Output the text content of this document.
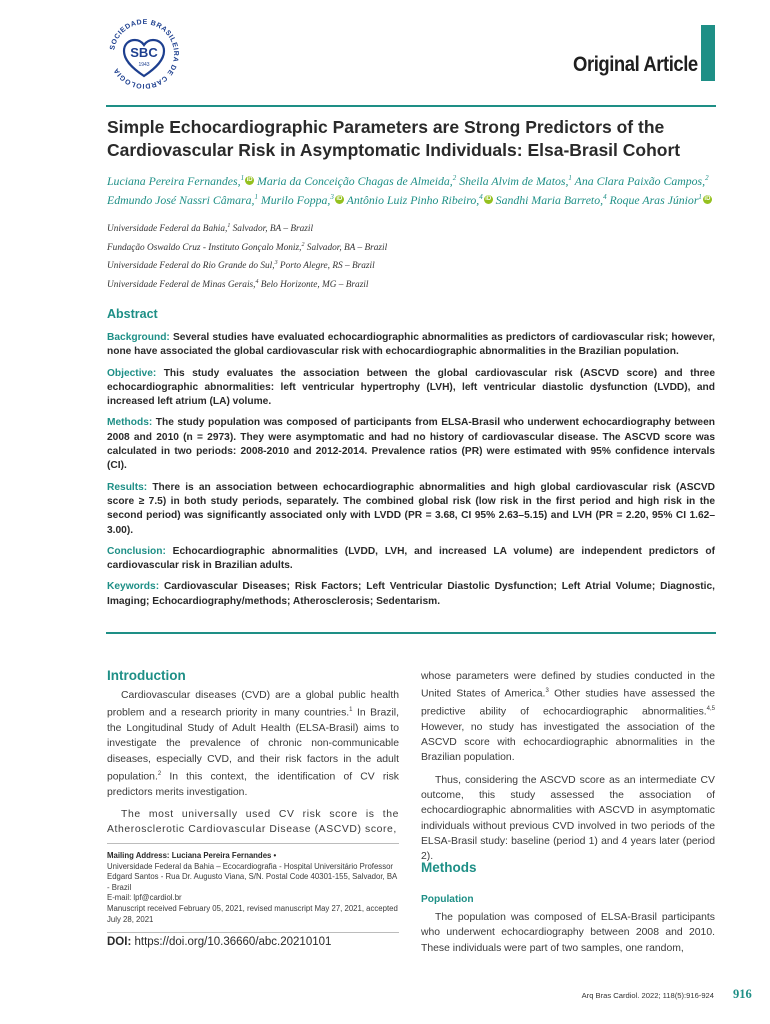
SOCIEDADE BRASILEIRA DE CARDIOLOGIA
SBC
1943	Original Article
Simple Echocardiographic Parameters are Strong Predictors of the
Cardiovascular Risk in Asymptomatic Individuals: Elsa-Brasil Cohort
Luciana Pereira Fernandes,$^1$ iD Maria da Conceição Chagas de Almeida,$^2$ Sheila Alvim de Matos,$^1$ Ana Clara Paixão Campos,$^2$ Edmundo José Nassri Câmara,$^1$ Murilo Foppa,$^3$ iD Antônio Luiz Pinho Ribeiro,$^4$ iD Sandhi Maria Barreto,$^4$ Roque Aras Júnior$^1$ iD
Universidade Federal da Bahia,$^1$ Salvador, BA – Brazil
Fundação Oswaldo Cruz - Instituto Gonçalo Moniz,$^2$ Salvador, BA – Brazil
Universidade Federal do Rio Grande do Sul,$^3$ Porto Alegre, RS – Brazil
Universidade Federal de Minas Gerais,$^4$ Belo Horizonte, MG – Brazil
Abstract

Background: Several studies have evaluated echocardiographic abnormalities as predictors of cardiovascular risk; however, none have associated the global cardiovascular risk with echocardiographic abnormalities in the Brazilian population.

Objective: This study evaluates the association between the global cardiovascular risk (ASCVD score) and three echocardiographic abnormalities: left ventricular hypertrophy (LVH), left ventricular diastolic dysfunction (LVDD), and increased left atrium (LA) volume.

Methods: The study population was composed of participants from ELSA-Brasil who underwent echocardiography between 2008 and 2010 (n = 2973). They were asymptomatic and had no history of cardiovascular disease. The ASCVD score was calculated in two periods: 2008-2010 and 2012-2014. Prevalence ratios (PR) were estimated with 95% confidence intervals (CI).

Results: There is an association between echocardiographic abnormalities and high global cardiovascular risk (ASCVD score ≥ 7.5) in both study periods, separately. The combined global risk (low risk in the first period and high risk in the second period) was significantly associated only with LVDD (PR = 3.68, CI 95% 2.63–5.15) and LVH (PR = 2.20, 95% CI 1.62–3.00).

Conclusion: Echocardiographic abnormalities (LVDD, LVH, and increased LA volume) are independent predictors of cardiovascular risk in Brazilian adults.

Keywords: Cardiovascular Diseases; Risk Factors; Left Ventricular Diastolic Dysfunction; Left Atrial Volume; Diagnostic, Imaging; Echocardiography/methods; Atherosclerosis; Sedentarism.

Introduction

Cardiovascular diseases (CVD) are a global public health problem and a research priority in many countries.$^1$ In Brazil, the Longitudinal Study of Adult Health (ELSA-Brasil) aims to investigate the prevalence of chronic non-communicable diseases, especially CVD, and their risk factors in the adult population.$^2$ In this context, the identification of CV risk predictors merits investigation.

The most universally used CV risk score is the Atherosclerotic Cardiovascular Disease (ASCVD) score,

Mailing Address: Luciana Pereira Fernandes •
Universidade Federal da Bahia – Ecocardiografia - Hospital Universitário Professor Edgard Santos - Rua Dr. Augusto Viana, S/N. Postal Code 40301-155, Salvador, BA - Brazil
E-mail: lpf@cardiol.br
Manuscript received February 05, 2021, revised manuscript May 27, 2021, accepted July 28, 2021
DOI: https://doi.org/10.36660/abc.20210101

whose parameters were defined by studies conducted in the United States of America.$^3$ Other studies have assessed the predictive ability of echocardiographic abnormalities.$^{4,5}$ However, no study has investigated the association of the ASCVD score with echocardiographic abnormalities in the Brazilian population.

Thus, considering the ASCVD score as an intermediate CV outcome, this study assessed the association of echocardiographic abnormalities with ASCVD in asymptomatic individuals without previous CVD involved in two periods of the ELSA-Brasil study: baseline (period 1) and 4 years later (period 2).

Methods
Population

The population was composed of ELSA-Brasil participants who underwent echocardiography between 2008 and 2010. These individuals were part of two samples, one random,

Arq Bras Cardiol. 2022; 118(5):916-924 916
